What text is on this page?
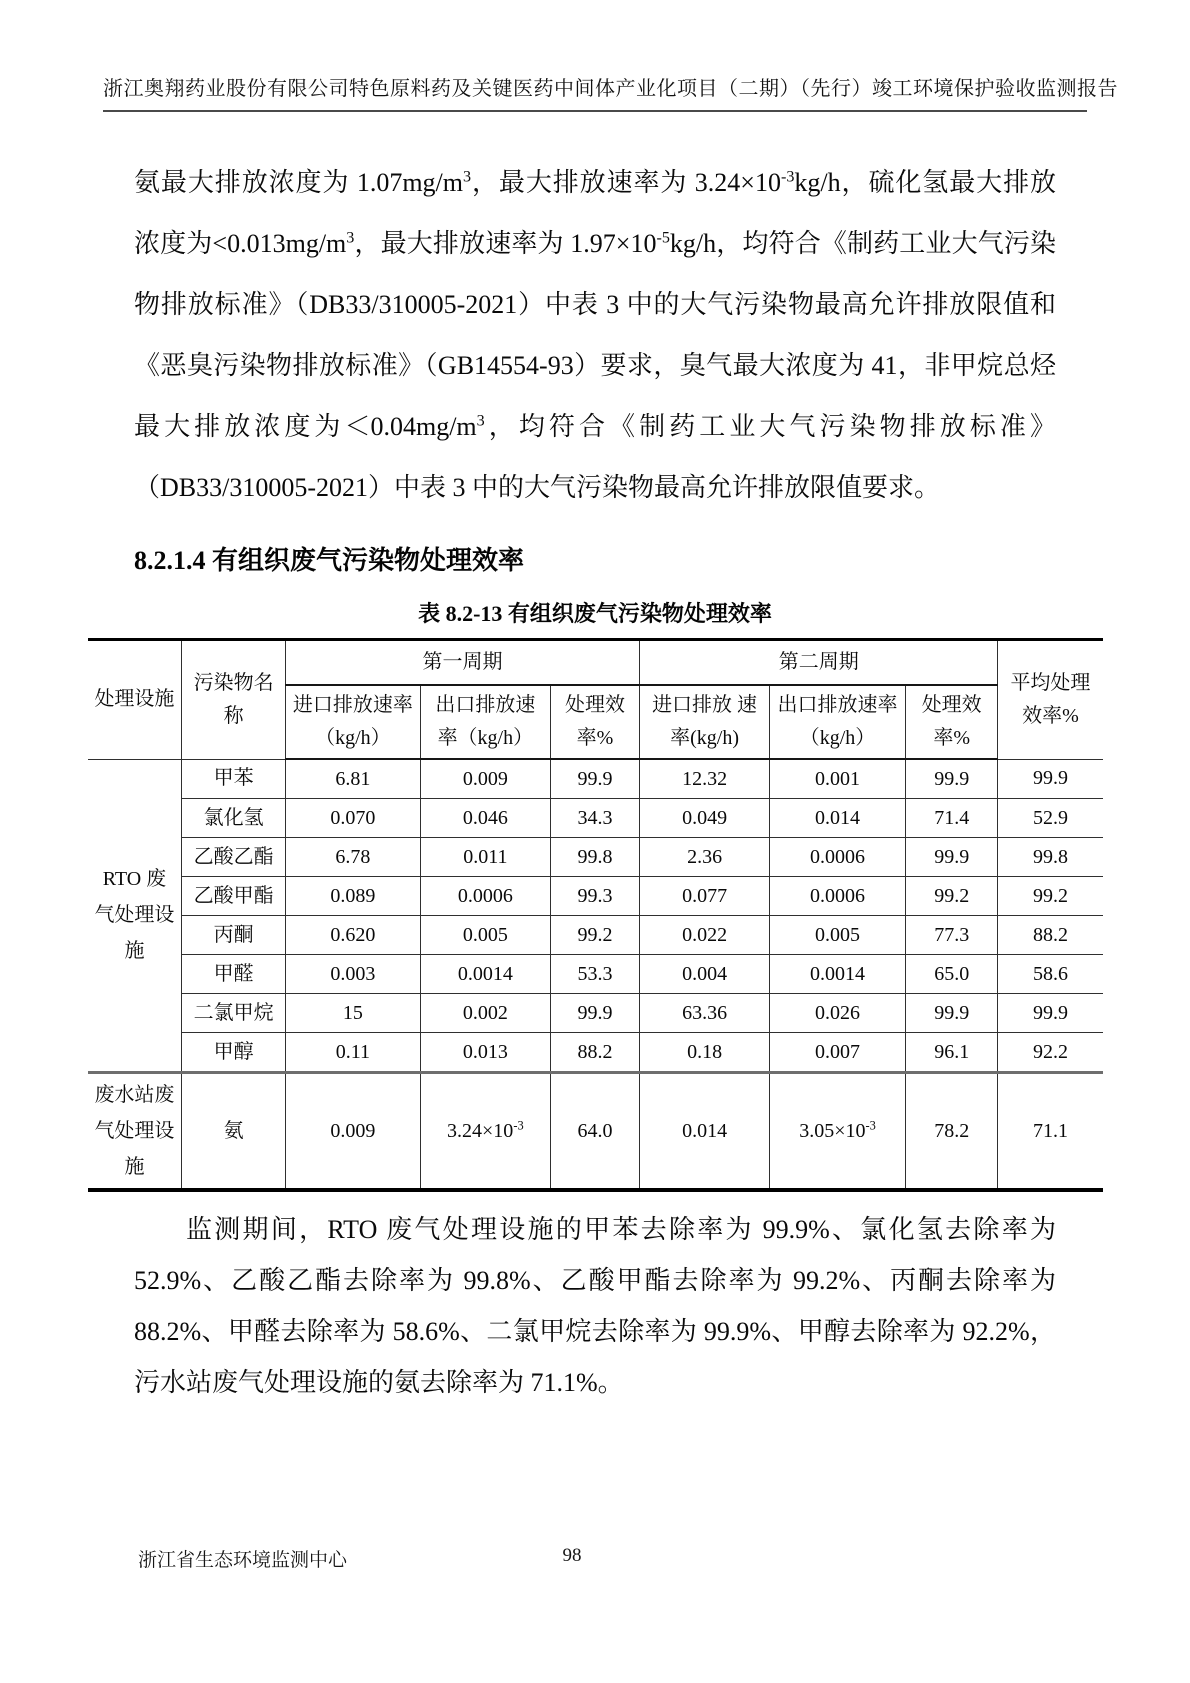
浙江奥翔药业股份有限公司特色原料药及关键医药中间体产业化项目（二期）（先行）竣工环境保护验收监测报告

氨最大排放浓度为 $1.07mg/m^3$，最大排放速率为 $3.24\times 10^{-3}kg/h$，硫化氢最大排放浓度为$<0.013mg/m^3$，最大排放速率为 $1.97\times 10^{-5}kg/h$，均符合《制药工业大气污染物排放标准》（DB33/310005-2021）中表 3 中的大气污染物最高允许排放限值和《恶臭污染物排放标准》（GB14554-93）要求，臭气最大浓度为 41，非甲烷总烃最大排放浓度为$<0.04mg/m^3$，均符合《制药工业大气污染物排放标准》（DB33/310005-2021）中表 3 中的大气污染物最高允许排放限值要求。

8.2.1.4 有组织废气污染物处理效率
表 8.2-13 有组织废气污染物处理效率
处理设施	污染物名称	第一周期			第二周期			平均处理效率%
		进口排放速率（kg/h）	出口排放速率（kg/h）	处理效率%	进口排放 速率(kg/h)	出口排放速率（kg/h）	处理效率%	
RTO 废气处理设施	甲苯	6.81	0.009	99.9	12.32	0.001	99.9	99.9
	氯化氢	0.070	0.046	34.3	0.049	0.014	71.4	52.9
	乙酸乙酯	6.78	0.011	99.8	2.36	0.0006	99.9	99.8
	乙酸甲酯	0.089	0.0006	99.3	0.077	0.0006	99.2	99.2
	丙酮	0.620	0.005	99.2	0.022	0.005	77.3	88.2
	甲醛	0.003	0.0014	53.3	0.004	0.0014	65.0	58.6
	二氯甲烷	15	0.002	99.9	63.36	0.026	99.9	99.9
	甲醇	0.11	0.013	88.2	0.18	0.007	96.1	92.2
废水站废气处理设施	氨	0.009	$3.24\times 10^{-3}$	64.0	0.014	$3.05\times 10^{-3}$	78.2	71.1

监测期间，RTO 废气处理设施的甲苯去除率为 99.9%、氯化氢去除率为 52.9%、乙酸乙酯去除率为 99.8%、乙酸甲酯去除率为 99.2%、丙酮去除率为 88.2%、甲醛去除率为 58.6%、二氯甲烷去除率为 99.9%、甲醇去除率为 92.2%，污水站废气处理设施的氨去除率为 71.1%。

浙江省生态环境监测中心	98
